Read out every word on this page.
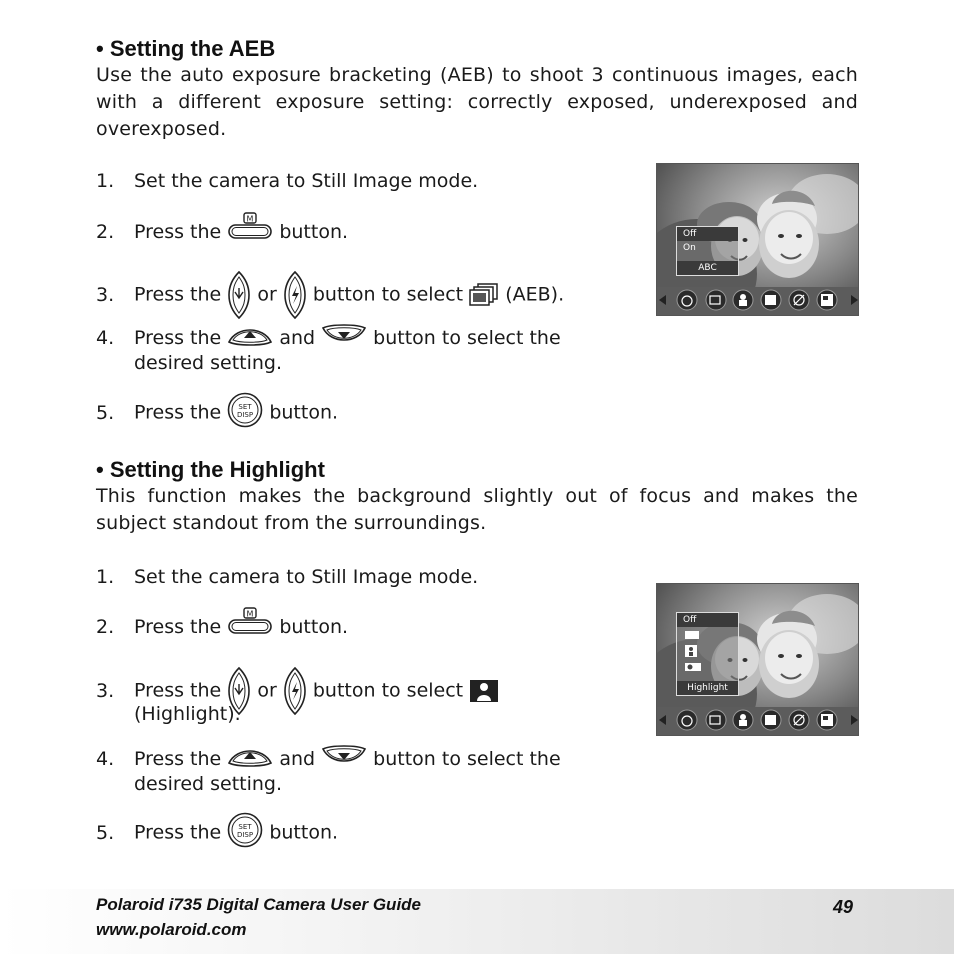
• Setting the AEB
Use the auto exposure bracketing (AEB) to shoot 3 continuous images, each with a different exposure setting: correctly exposed, underexposed and overexposed.
1. Set the camera to Still Image mode.
2. Press the	button.
3. Press the or button to select (AEB).
4. Press the	and	button to select the
desired setting.
5. Press the	button.
Off
On
ABC
• Setting the Highlight
This function makes the background slightly out of focus and makes the subject standout from the surroundings.
1. Set the camera to Still Image mode.
2. Press the	button.
3. Press the or button to select
(Highlight).
4. Press the	and	button to select the
desired setting.
5. Press the	button.
Off
Highlight
Polaroid i735 Digital Camera User Guide
www.polaroid.com
49
